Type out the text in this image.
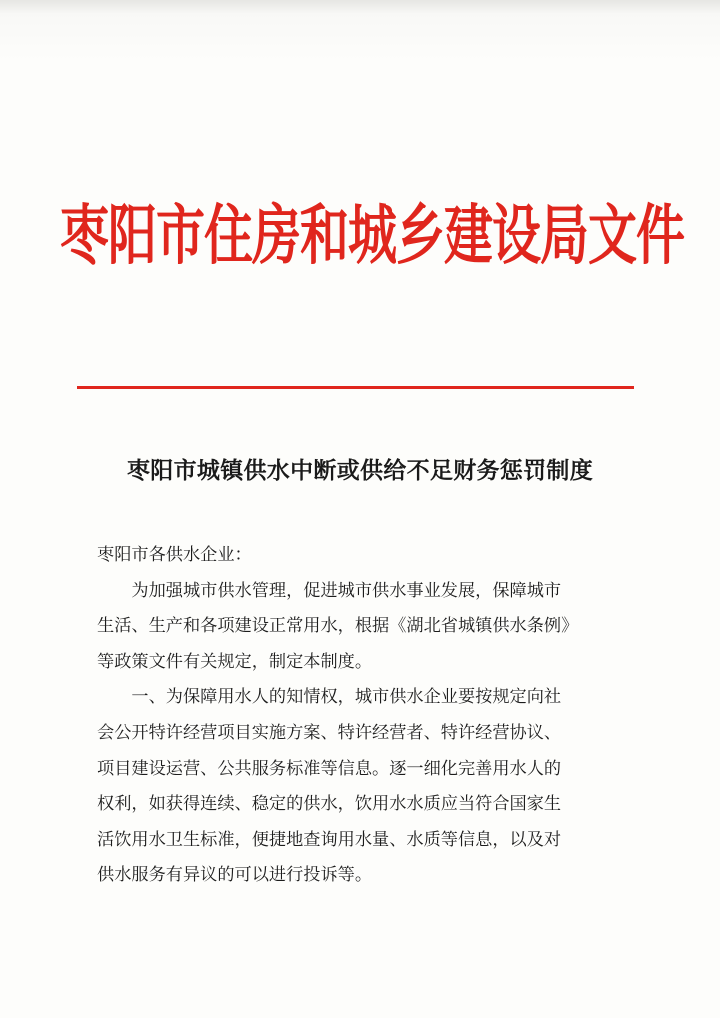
枣阳市住房和城乡建设局文件
枣阳市城镇供水中断或供给不足财务惩罚制度

枣阳市各供水企业：

为加强城市供水管理，促进城市供水事业发展，保障城市
生活、生产和各项建设正常用水，根据《湖北省城镇供水条例》
等政策文件有关规定，制定本制度。

一、为保障用水人的知情权，城市供水企业要按规定向社
会公开特许经营项目实施方案、特许经营者、特许经营协议、
项目建设运营、公共服务标准等信息。逐一细化完善用水人的
权利，如获得连续、稳定的供水，饮用水水质应当符合国家生
活饮用水卫生标准，便捷地查询用水量、水质等信息，以及对
供水服务有异议的可以进行投诉等。
